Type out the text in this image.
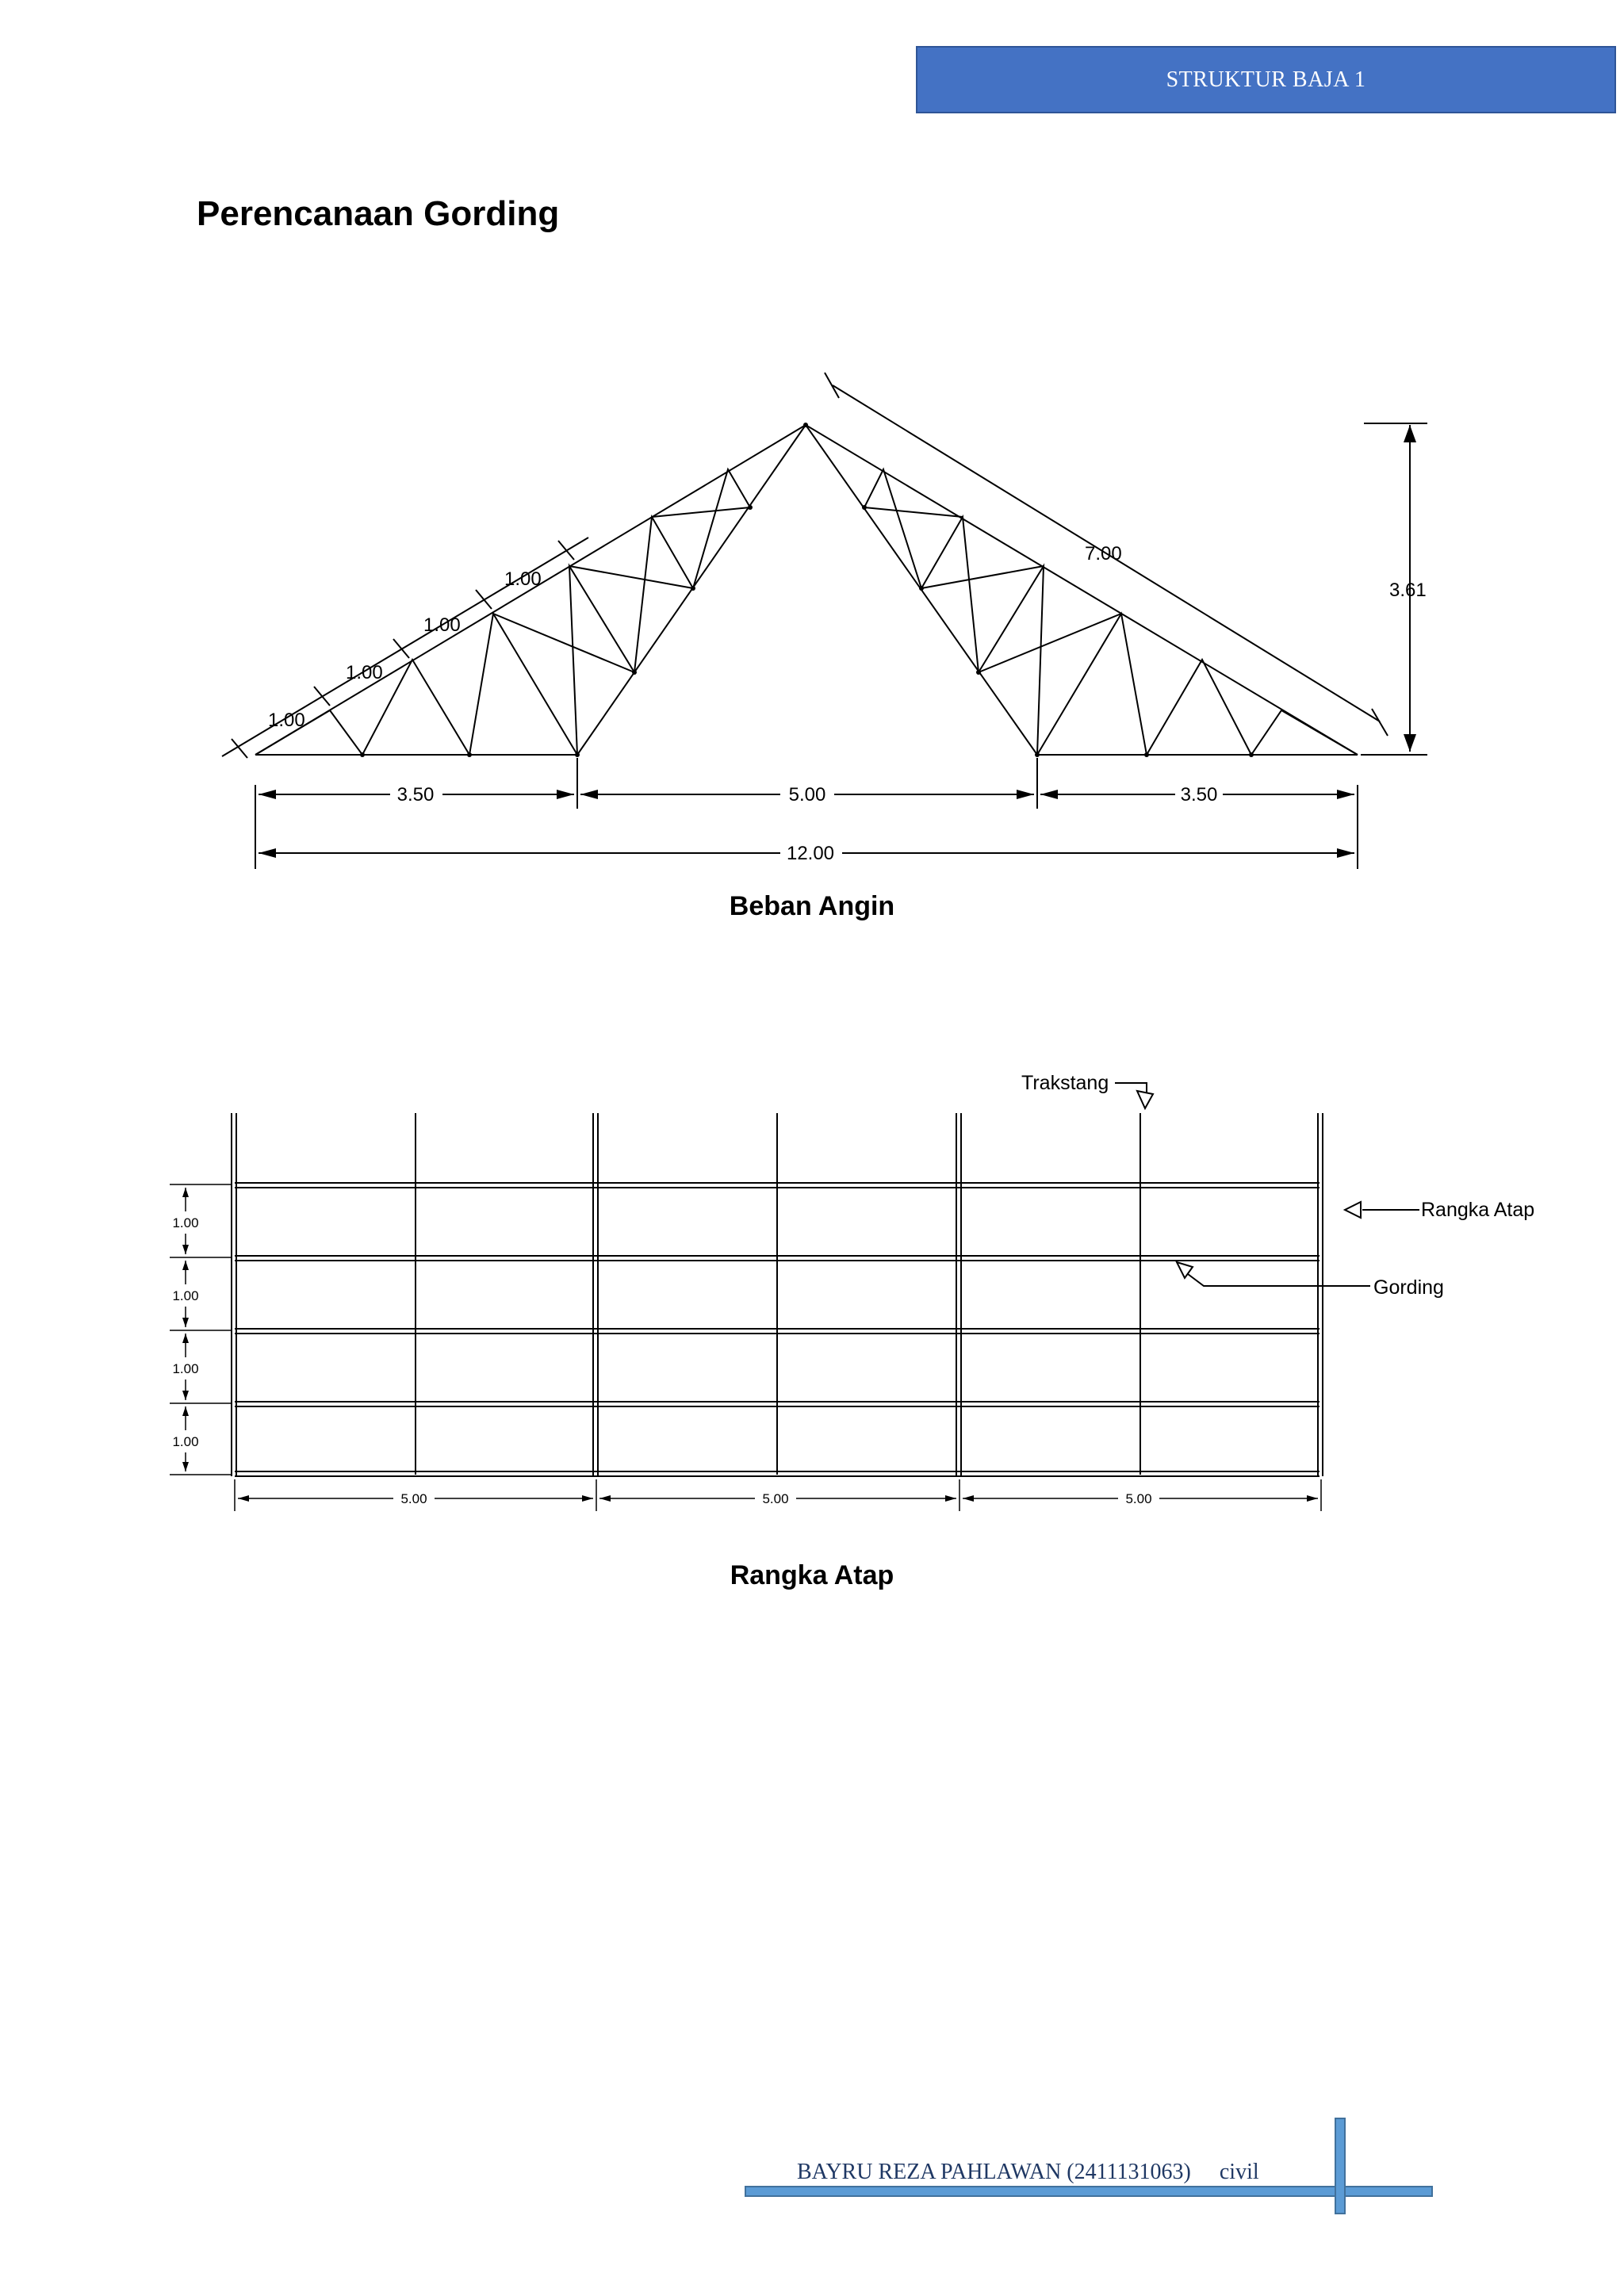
STRUKTUR BAJA 1
Perencanaan Gording
1.00
1.00
1.00
1.00
7.00
3.61
3.50	5.00	3.50
12.00

Beban Angin

1.00
1.00
1.00
1.00
5.00	5.00	5.00
Trakstang
Rangka Atap
Gording

Rangka Atap

BAYRU REZA PAHLAWAN (2411131063) civil
